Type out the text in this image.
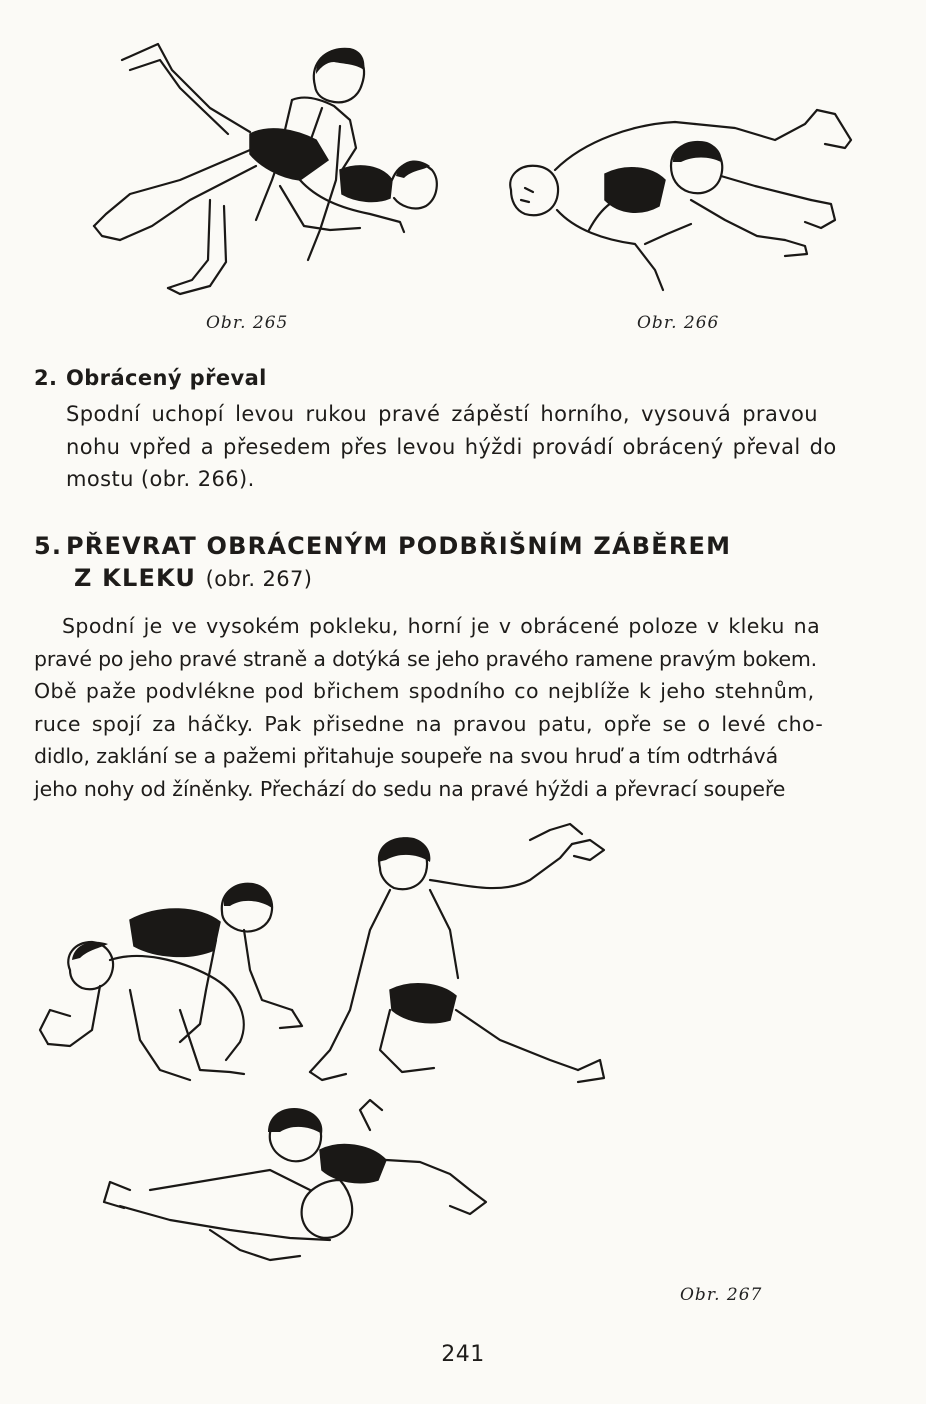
Obr. 265	Obr. 266
2. Obrácený převal
Spodní uchopí levou rukou pravé zápěstí horního, vysouvá pravou
nohu vpřed a přesedem přes levou hýždi provádí obrácený převal do
mostu (obr. 266).
5. PŘEVRAT OBRÁCENÝM PODBŘIŠNÍM ZÁBĚREM
Z KLEKU (obr. 267)
Spodní je ve vysokém pokleku, horní je v obrácené poloze v kleku na
pravé po jeho pravé straně a dotýká se jeho pravého ramene pravým bokem.
Obě paže podvlékne pod břichem spodního co nejblíže k jeho stehnům,
ruce spojí za háčky. Pak přisedne na pravou patu, opře se o levé cho-
didlo, zaklání se a pažemi přitahuje soupeře na svou hruď a tím odtrhává
jeho nohy od žíněnky. Přechází do sedu na pravé hýždi a převrací soupeře
Obr. 267
241
